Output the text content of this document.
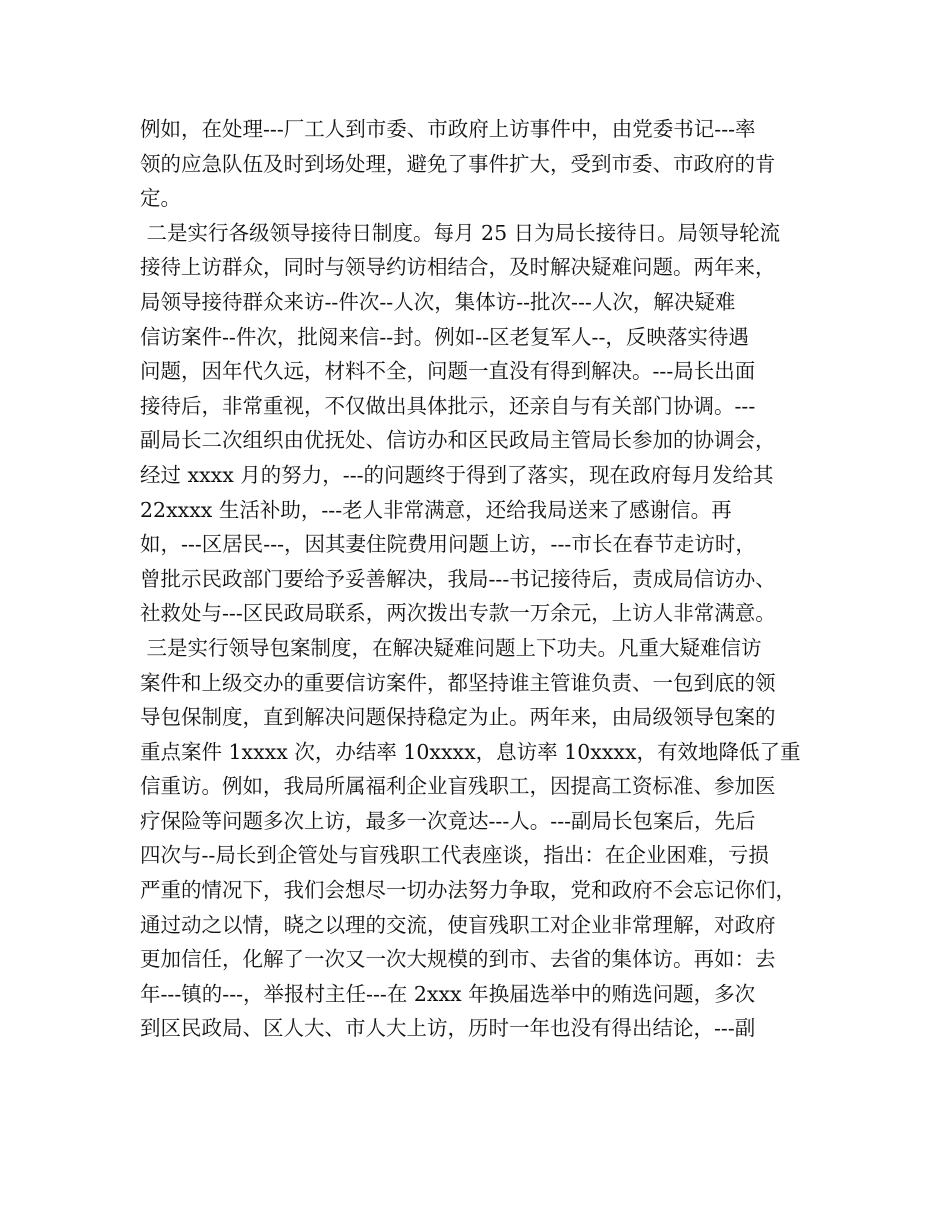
例如，在处理---厂工人到市委、市政府上访事件中，由党委书记---率
领的应急队伍及时到场处理，避免了事件扩大，受到市委、市政府的肯
定。
二是实行各级领导接待日制度。每月 25 日为局长接待日。局领导轮流
接待上访群众，同时与领导约访相结合，及时解决疑难问题。两年来，
局领导接待群众来访--件次--人次，集体访--批次---人次，解决疑难
信访案件--件次，批阅来信--封。例如--区老复军人--，反映落实待遇
问题，因年代久远，材料不全，问题一直没有得到解决。---局长出面
接待后，非常重视，不仅做出具体批示，还亲自与有关部门协调。---
副局长二次组织由优抚处、信访办和区民政局主管局长参加的协调会，
经过 xxxx 月的努力，---的问题终于得到了落实，现在政府每月发给其
22xxxx 生活补助，---老人非常满意，还给我局送来了感谢信。再
如，---区居民---，因其妻住院费用问题上访，---市长在春节走访时，
曾批示民政部门要给予妥善解决，我局---书记接待后，责成局信访办、
社救处与---区民政局联系，两次拨出专款一万余元，上访人非常满意。
三是实行领导包案制度，在解决疑难问题上下功夫。凡重大疑难信访
案件和上级交办的重要信访案件，都坚持谁主管谁负责、一包到底的领
导包保制度，直到解决问题保持稳定为止。两年来，由局级领导包案的
重点案件 1xxxx 次，办结率 10xxxx，息访率 10xxxx，有效地降低了重
信重访。例如，我局所属福利企业盲残职工，因提高工资标准、参加医
疗保险等问题多次上访，最多一次竟达---人。---副局长包案后，先后
四次与--局长到企管处与盲残职工代表座谈，指出：在企业困难，亏损
严重的情况下，我们会想尽一切办法努力争取，党和政府不会忘记你们，
通过动之以情，晓之以理的交流，使盲残职工对企业非常理解，对政府
更加信任，化解了一次又一次大规模的到市、去省的集体访。再如：去
年---镇的---，举报村主任---在 2xxx 年换届选举中的贿选问题，多次
到区民政局、区人大、市人大上访，历时一年也没有得出结论，---副
